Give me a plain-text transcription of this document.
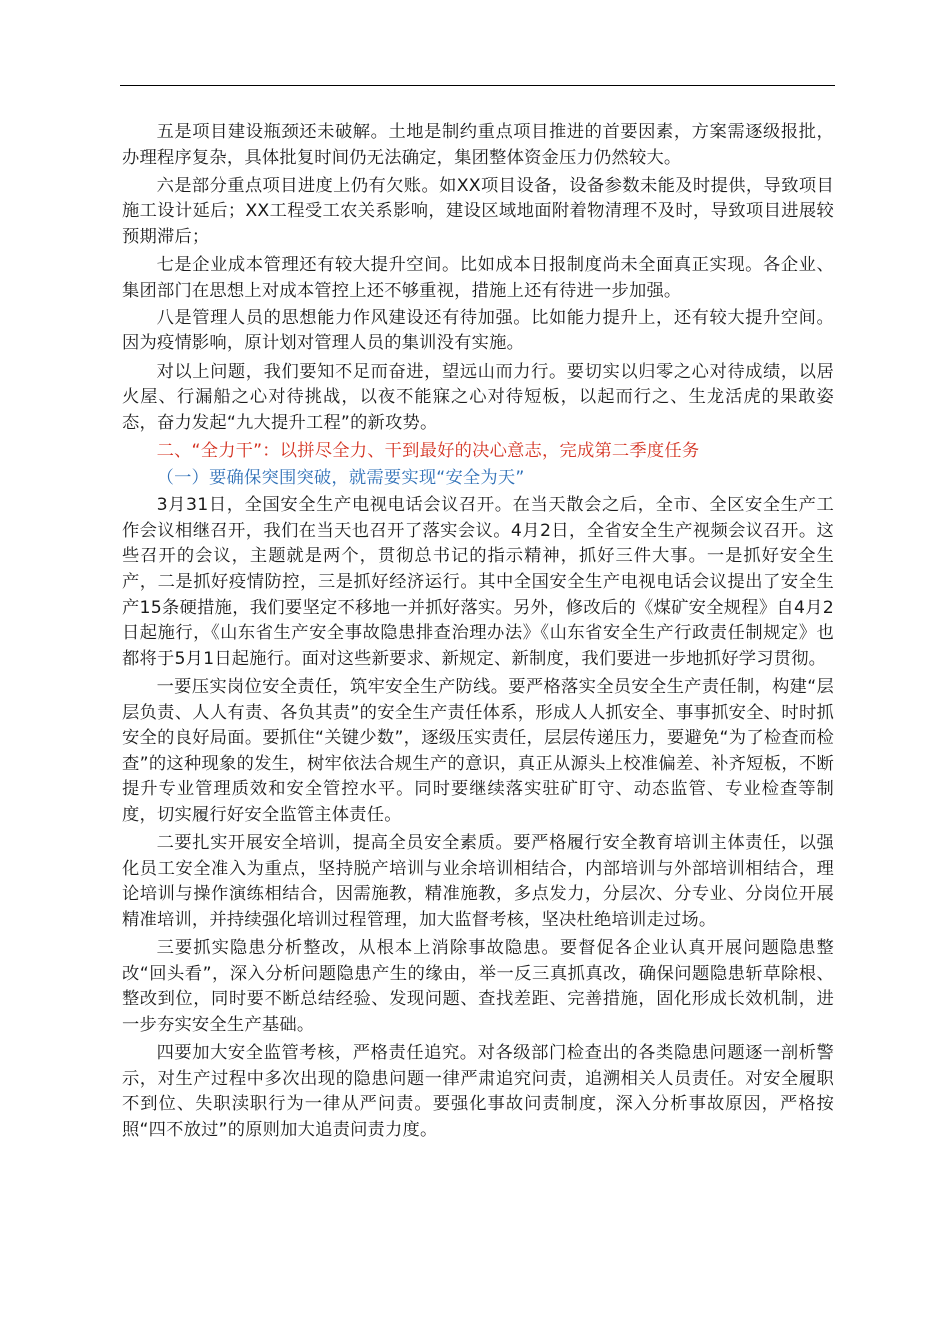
五是项目建设瓶颈还未破解。土地是制约重点项目推进的首要因素，方案需逐级报批，办理程序复杂，具体批复时间仍无法确定，集团整体资金压力仍然较大。

六是部分重点项目进度上仍有欠账。如XX项目设备，设备参数未能及时提供，导致项目施工设计延后；XX工程受工农关系影响，建设区域地面附着物清理不及时，导致项目进展较预期滞后；

七是企业成本管理还有较大提升空间。比如成本日报制度尚未全面真正实现。各企业、集团部门在思想上对成本管控上还不够重视，措施上还有待进一步加强。

八是管理人员的思想能力作风建设还有待加强。比如能力提升上，还有较大提升空间。因为疫情影响，原计划对管理人员的集训没有实施。

对以上问题，我们要知不足而奋进，望远山而力行。要切实以归零之心对待成绩，以居火屋、行漏船之心对待挑战，以夜不能寐之心对待短板，以起而行之、生龙活虎的果敢姿态，奋力发起“九大提升工程”的新攻势。

二、“全力干”：以拼尽全力、干到最好的决心意志，完成第二季度任务

（一）要确保突围突破，就需要实现“安全为天”

3月31日，全国安全生产电视电话会议召开。在当天散会之后，全市、全区安全生产工作会议相继召开，我们在当天也召开了落实会议。4月2日，全省安全生产视频会议召开。这些召开的会议，主题就是两个，贯彻总书记的指示精神，抓好三件大事。一是抓好安全生产，二是抓好疫情防控，三是抓好经济运行。其中全国安全生产电视电话会议提出了安全生产15条硬措施，我们要坚定不移地一并抓好落实。另外，修改后的《煤矿安全规程》自4月2日起施行，《山东省生产安全事故隐患排查治理办法》《山东省安全生产行政责任制规定》也都将于5月1日起施行。面对这些新要求、新规定、新制度，我们要进一步地抓好学习贯彻。

一要压实岗位安全责任，筑牢安全生产防线。要严格落实全员安全生产责任制，构建“层层负责、人人有责、各负其责”的安全生产责任体系，形成人人抓安全、事事抓安全、时时抓安全的良好局面。要抓住“关键少数”，逐级压实责任，层层传递压力，要避免“为了检查而检查”的这种现象的发生，树牢依法合规生产的意识，真正从源头上校准偏差、补齐短板，不断提升专业管理质效和安全管控水平。同时要继续落实驻矿盯守、动态监管、专业检查等制度，切实履行好安全监管主体责任。

二要扎实开展安全培训，提高全员安全素质。要严格履行安全教育培训主体责任，以强化员工安全准入为重点，坚持脱产培训与业余培训相结合，内部培训与外部培训相结合，理论培训与操作演练相结合，因需施教，精准施教，多点发力，分层次、分专业、分岗位开展精准培训，并持续强化培训过程管理，加大监督考核，坚决杜绝培训走过场。

三要抓实隐患分析整改，从根本上消除事故隐患。要督促各企业认真开展问题隐患整改“回头看”，深入分析问题隐患产生的缘由，举一反三真抓真改，确保问题隐患斩草除根、整改到位，同时要不断总结经验、发现问题、查找差距、完善措施，固化形成长效机制，进一步夯实安全生产基础。

四要加大安全监管考核，严格责任追究。对各级部门检查出的各类隐患问题逐一剖析警示，对生产过程中多次出现的隐患问题一律严肃追究问责，追溯相关人员责任。对安全履职不到位、失职渎职行为一律从严问责。要强化事故问责制度，深入分析事故原因，严格按照“四不放过”的原则加大追责问责力度。
